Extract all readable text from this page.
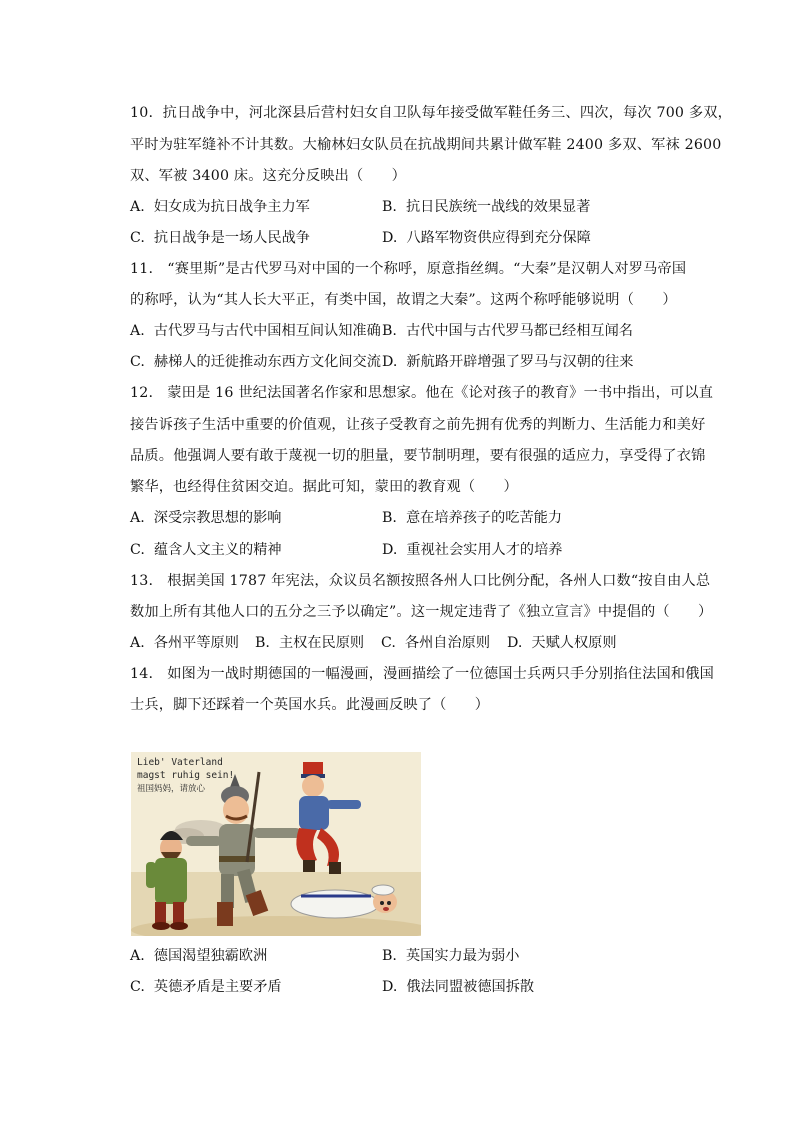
10.  抗日战争中，河北深县后营村妇女自卫队每年接受做军鞋任务三、四次，每次 700 多双，
平时为驻军缝补不计其数。大榆林妇女队员在抗战期间共累计做军鞋 2400 多双、军袜 2600
双、军被 3400 床。这充分反映出（      ）
A.  妇女成为抗日战争主力军	B.  抗日民族统一战线的效果显著
C.  抗日战争是一场人民战争	D.  八路军物资供应得到充分保障
11.   “赛里斯”是古代罗马对中国的一个称呼，原意指丝绸。“大秦”是汉朝人对罗马帝国
的称呼，认为“其人长大平正，有类中国，故谓之大秦”。这两个称呼能够说明（      ）
A.  古代罗马与古代中国相互间认知准确 B.  古代中国与古代罗马都已经相互闻名
C.  赫梯人的迁徙推动东西方文化间交流 D.  新航路开辟增强了罗马与汉朝的往来
12.   蒙田是 16 世纪法国著名作家和思想家。他在《论对孩子的教育》一书中指出，可以直
接告诉孩子生活中重要的价值观，让孩子受教育之前先拥有优秀的判断力、生活能力和美好
品质。他强调人要有敢于蔑视一切的胆量，要节制明理，要有很强的适应力，享受得了衣锦
繁华，也经得住贫困交迫。据此可知，蒙田的教育观（      ）
A.  深受宗教思想的影响	B.  意在培养孩子的吃苦能力
C.  蕴含人文主义的精神	D.  重视社会实用人才的培养
13.   根据美国 1787 年宪法，众议员名额按照各州人口比例分配，各州人口数“按自由人总
数加上所有其他人口的五分之三予以确定”。这一规定违背了《独立宣言》中提倡的（      ）
A.  各州平等原则 B.  主权在民原则 C.  各州自治原则 D.  天赋人权原则
14.   如图为一战时期德国的一幅漫画，漫画描绘了一位德国士兵两只手分别掐住法国和俄国
士兵，脚下还踩着一个英国水兵。此漫画反映了（      ）
Lieb' Vaterland
magst ruhig sein!
祖国妈妈，请放心
A.  德国渴望独霸欧洲	B.  英国实力最为弱小
C.  英德矛盾是主要矛盾	D.  俄法同盟被德国拆散
